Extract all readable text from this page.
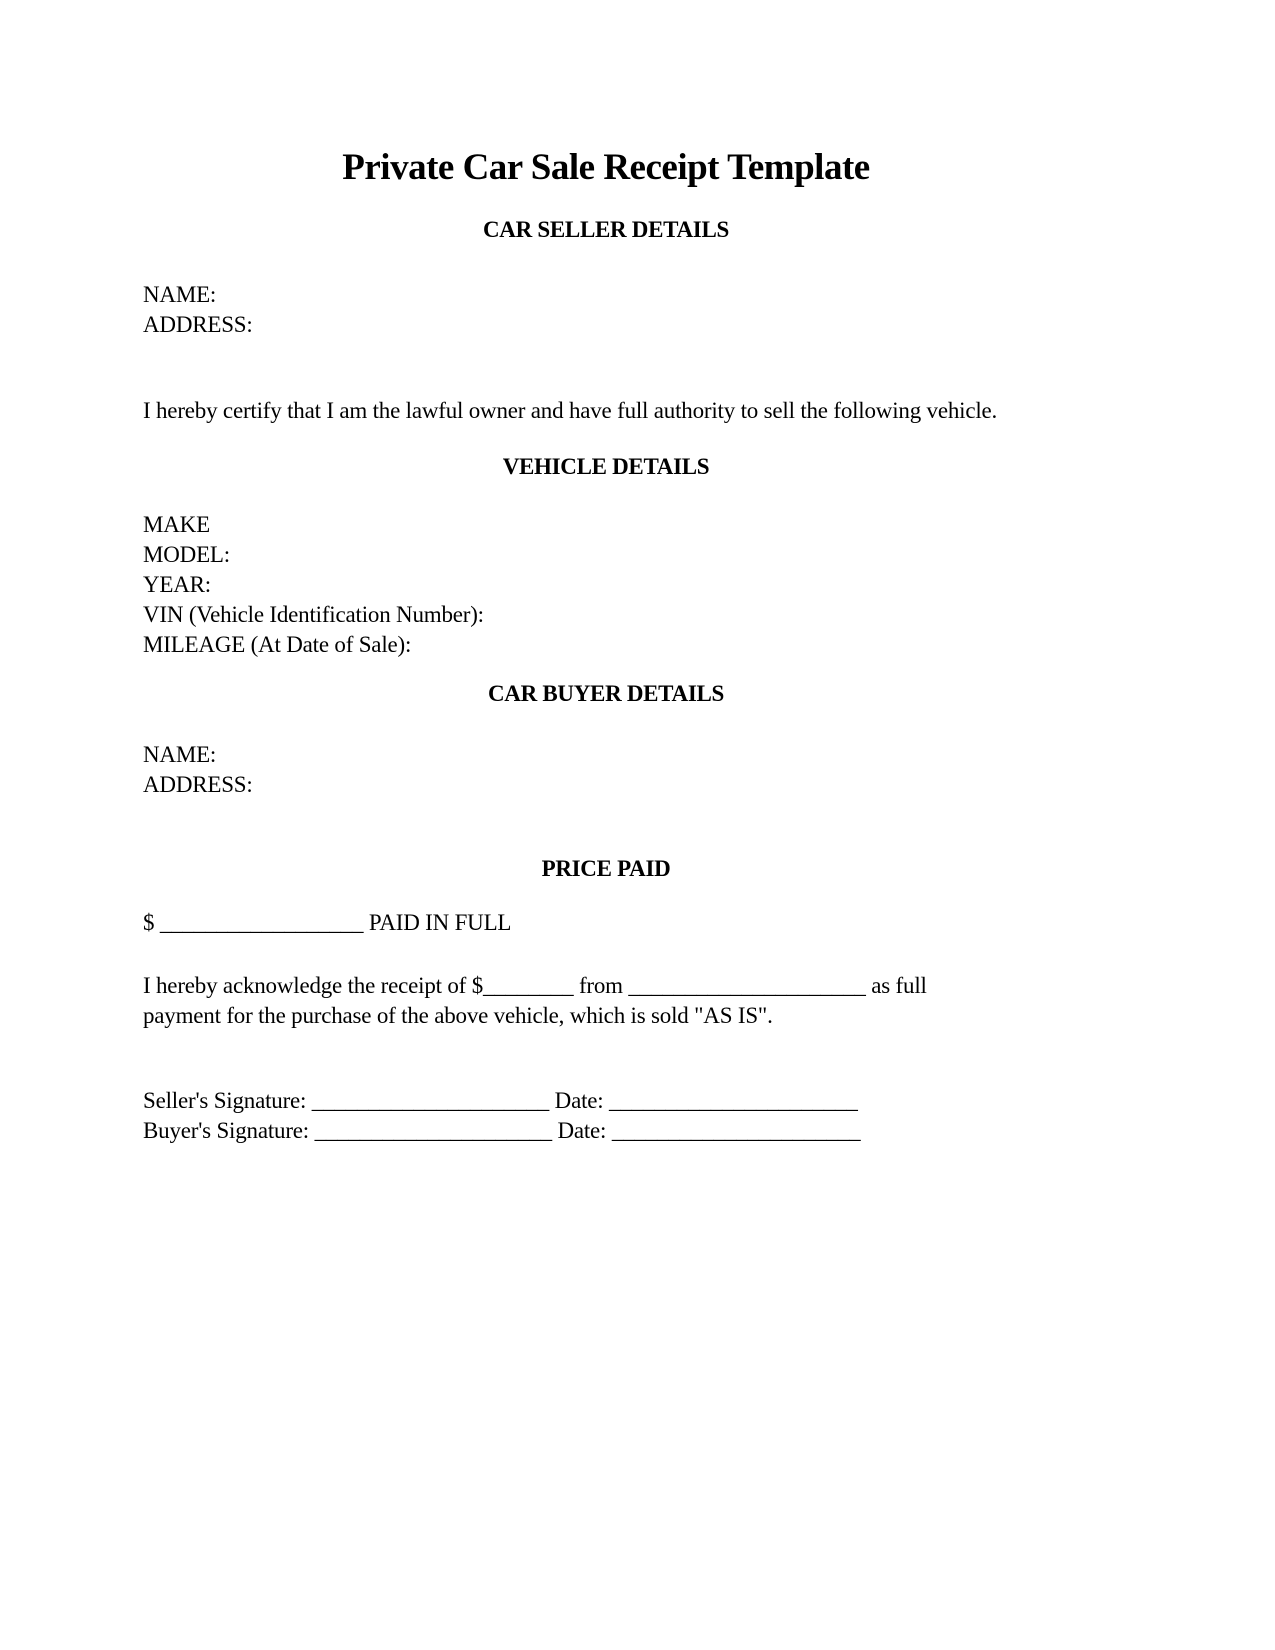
Private Car Sale Receipt Template
CAR SELLER DETAILS
NAME:
ADDRESS:
I hereby certify that I am the lawful owner and have full authority to sell the following vehicle.
VEHICLE DETAILS
MAKE
MODEL:
YEAR:
VIN (Vehicle Identification Number):
MILEAGE (At Date of Sale):
CAR BUYER DETAILS
NAME:
ADDRESS:
PRICE PAID
$ __________________ PAID IN FULL
I hereby acknowledge the receipt of $________ from _____________________ as full
payment for the purchase of the above vehicle, which is sold "AS IS".
Seller's Signature: _____________________ Date: ______________________
Buyer's Signature: _____________________ Date: ______________________
